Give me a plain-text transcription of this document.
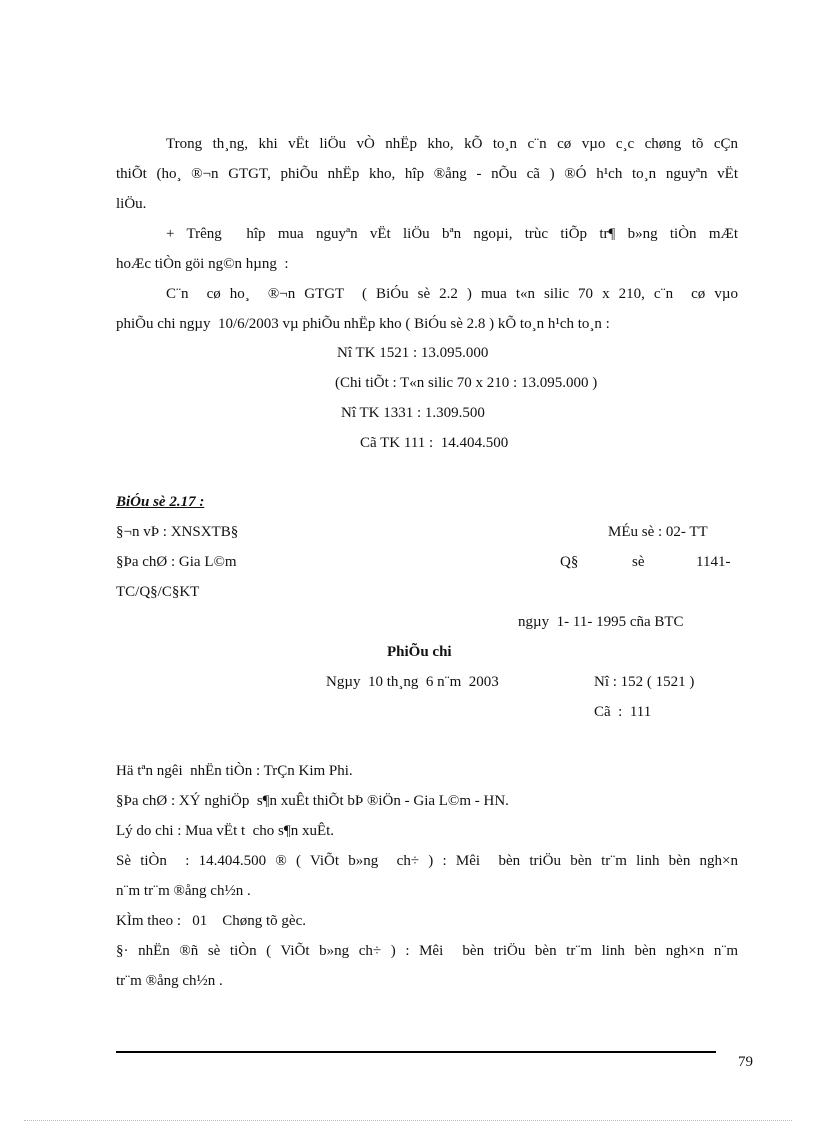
Trong th¸ng, khi vËt liÖu vÒ nhËp kho, kÕ to¸n c¨n cø vµo c¸c chøng tõ cÇn
thiÕt (ho¸ ®¬n GTGT, phiÕu nhËp kho, hîp ®ång - nÕu cã ) ®Ó h¹ch to¸n nguyªn vËt
liÖu.
+ Trêng  hîp mua nguyªn vËt liÖu bªn ngoµi, trùc tiÕp tr¶ b»ng tiÒn mÆt
hoÆc tiÒn göi ng©n hµng  :
C¨n  cø ho¸  ®¬n GTGT  ( BiÓu sè 2.2 ) mua t«n silic 70 x 210, c¨n  cø vµo
phiÕu chi ngµy  10/6/2003 vµ phiÕu nhËp kho ( BiÓu sè 2.8 ) kÕ to¸n h¹ch to¸n :
Nî TK 1521 : 13.095.000
(Chi tiÕt : T«n silic 70 x 210 : 13.095.000 )
Nî TK 1331 : 1.309.500
Cã TK 111 :  14.404.500
BiÓu sè 2.17 :
§¬n vÞ : XNSXTB§	MÉu sè : 02- TT
§Þa chØ : Gia L©m	Q§	sè	1141-
TC/Q§/C§KT
ngµy  1- 11- 1995 cña BTC
PhiÕu chi
Ngµy  10 th¸ng  6 n¨m  2003	Nî : 152 ( 1521 )
Cã  :  111
Hä tªn ngêi  nhËn tiÒn : TrÇn Kim Phi.
§Þa chØ : XÝ nghiÖp  s¶n xuÊt thiÕt bÞ ®iÖn - Gia L©m - HN.
Lý do chi : Mua vËt t  cho s¶n xuÊt.
Sè tiÒn  : 14.404.500 ® ( ViÕt b»ng  ch÷ ) : Mêi  bèn triÖu bèn tr¨m linh bèn ngh×n
n¨m tr¨m ®ång ch½n .
KÌm theo :   01    Chøng tõ gèc.
§· nhËn ®ñ sè tiÒn ( ViÕt b»ng ch÷ ) : Mêi  bèn triÖu bèn tr¨m linh bèn ngh×n n¨m
tr¨m ®ång ch½n .
79
